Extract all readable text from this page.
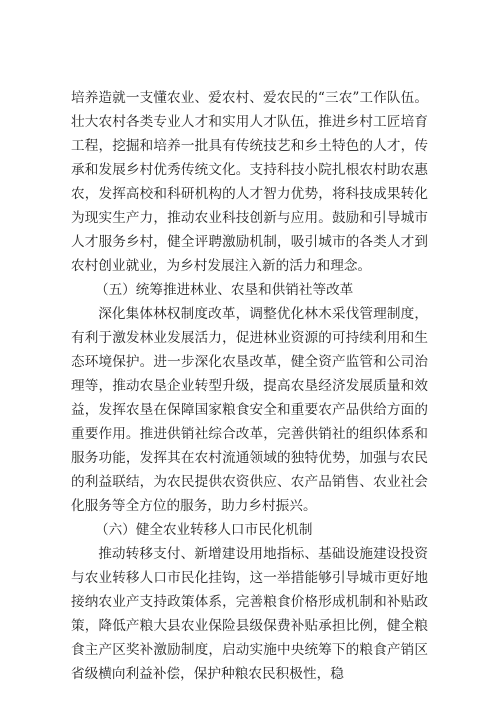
培养造就一支懂农业、爱农村、爱农民的“三农”工作队伍。壮大农村各类专业人才和实用人才队伍，推进乡村工匠培育工程，挖掘和培养一批具有传统技艺和乡土特色的人才，传承和发展乡村优秀传统文化。支持科技小院扎根农村助农惠农，发挥高校和科研机构的人才智力优势，将科技成果转化为现实生产力，推动农业科技创新与应用。鼓励和引导城市人才服务乡村，健全评聘激励机制，吸引城市的各类人才到农村创业就业，为乡村发展注入新的活力和理念。

（五）统筹推进林业、农垦和供销社等改革

深化集体林权制度改革，调整优化林木采伐管理制度，有利于激发林业发展活力，促进林业资源的可持续利用和生态环境保护。进一步深化农垦改革，健全资产监管和公司治理等，推动农垦企业转型升级，提高农垦经济发展质量和效益，发挥农垦在保障国家粮食安全和重要农产品供给方面的重要作用。推进供销社综合改革，完善供销社的组织体系和服务功能，发挥其在农村流通领域的独特优势，加强与农民的利益联结，为农民提供农资供应、农产品销售、农业社会化服务等全方位的服务，助力乡村振兴。

（六）健全农业转移人口市民化机制

推动转移支付、新增建设用地指标、基础设施建设投资与农业转移人口市民化挂钩，这一举措能够引导城市更好地接纳农业产支持政策体系，完善粮食价格形成机制和补贴政策，降低产粮大县农业保险县级保费补贴承担比例，健全粮食主产区奖补激励制度，启动实施中央统筹下的粮食产销区省级横向利益补偿，保护种粮农民积极性，稳
